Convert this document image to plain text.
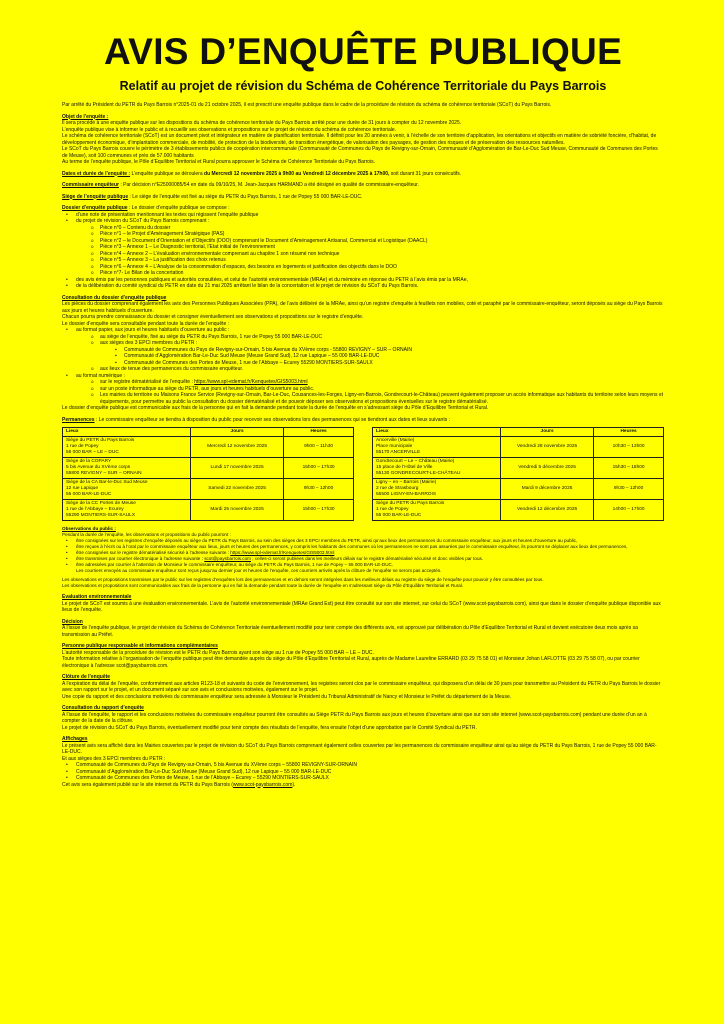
AVIS D’ENQUÊTE PUBLIQUE
Relatif au projet de révision du Schéma de Cohérence Territoriale du Pays Barrois

Par arrêté du Président du PETR du Pays Barrois n°2025-01 du 21 octobre 2025, il est prescrit une enquête publique dans le cadre de la procédure de révision du schéma de cohérence territoriale (SCoT) du Pays Barrois.

Objet de l’enquête :

Il sera procédé à une enquête publique sur les dispositions du schéma de cohérence territoriale du Pays Barrois arrêté pour une durée de 31 jours à compter du 12 novembre 2025.

L’enquête publique vise à informer le public et à recueillir ses observations et propositions sur le projet de révision du schéma de cohérence territoriale.

Le schéma de cohérence territoriale (SCoT) est un document pivot et intégrateur en matière de planification territoriale. Il définit pour les 20 années à venir, à l’échelle de son territoire d’application, les orientations et objectifs en matière de sobriété foncière, d’habitat, de développement économique, d’implantation commerciale, de mobilité, de protection de la biodiversité, de transition énergétique, de valorisation des paysages, de gestion des risques et de préservation des ressources naturelles.

Le SCoT du Pays Barrois couvre le périmètre de 3 établissements publics de coopération intercommunale (Communauté de Communes du Pays de Revigny-sur-Ornain, Communauté d’Agglomération de Bar-Le-Duc Sud Meuse, Communauté de Communes des Portes de Meuse), soit 100 communes et près de 57.000 habitants

Au terme de l’enquête publique, le Pôle d’Equilibre Territorial et Rural pourra approuver le Schéma de Cohérence Territoriale du Pays Barrois.

Dates et durée de l’enquête : L’enquête publique se déroulera du Mercredi 12 novembre 2025 à 9h00 au Vendredi 12 décembre 2025 à 17h00, soit durant 31 jours consécutifs.

Commissaire enquêteur : Par décision n°E25000085/54 en date du 09/10/25, M. Jean-Jacques HARMAND a été désigné en qualité de commissaire-enquêteur.

Siège de l’enquête publique : Le siège de l’enquête est fixé au siège du PETR du Pays Barrois, 1 rue de Popey 55 000 BAR-LE-DUC.

Dossier d’enquête publique : Le dossier d’enquête publique se compose :

• d’une note de présentation mentionnant les textes qui régissent l’enquête publique
• du projet de révision du SCoT du Pays Barrois comprenant :
o Pièce n°0 – Contenu du dossier
o Pièce n°1 – le Projet d’Aménagement Stratégique (PAS)
o Pièce n°2 – le Document d’Orientation et d’Objectifs (DOO) comprenant le Document d’Aménagement Artisanal, Commercial et Logistique (DAACL)
o Pièce n°3 – Annexe 1 – Le Diagnostic territorial, l’Etat initial de l’environnement
o Pièce n°4 – Annexe 2 – L’évaluation environnementale comprenant au chapitre 1 son résumé non technique
o Pièce n°5 – Annexe 3 – La justification des choix retenus
o Pièce n°6 – Annexe 4 – L’Analyse de la consommation d’espaces, des besoins en logements et justification des objectifs dans le DOO
o Pièce n°7- Le Bilan de la concertation
• des avis émis par les personnes publiques et autorités consultées, et celui de l’autorité environnementale (MRAe) et du mémoire en réponse du PETR à l’avis émis par la MRAe,
• de la délibération du comité syndical du PETR en date du 21 mai 2025 arrêtant le bilan de la concertation et le projet de révision du SCoT du Pays Barrois.

Consultation du dossier d’enquête publique

Les pièces du dossier comprenant également les avis des Personnes Publiques Associées (PPA), de l’avis délibéré de la MRAe, ainsi qu’un registre d’enquête à feuillets non mobiles, coté et paraphé par le commissaire-enquêteur, seront déposés au siège du Pays Barrois aux jours et heures habituels d’ouverture.

Chacun pourra prendre connaissance du dossier et consigner éventuellement ses observations et propositions sur le registre d’enquête.

Le dossier d’enquête sera consultable pendant toute la durée de l’enquête :

• au format papier, aux jours et heures habituels d’ouverture au public :
o au siège de l’enquête, fixé au siège du PETR du Pays Barrois, 1 rue de Popey 55 000 BAR-LE-DUC
o aux sièges des 3 EPCI membres du PETR :
▪ Communauté de Communes du Pays de Revigny-sur-Ornain, 5 bis Avenue du XVème corps - 55800 REVIGNY – SUR – ORNAIN
▪ Communauté d’Agglomération Bar-Le-Duc Sud Meuse (Meuse Grand Sud), 12 rue Lapique – 55 000 BAR-LE-DUC
▪ Communauté de Communes des Portes de Meuse, 1 rue de l’Abbaye – Ecurey 55290 MONTIERS-SUR-SAULX
o aux lieux de tenue des permanences du commissaire enquêteur.
• au format numérique :
o sur le registre dématérialisé de l’enquête : https://www.spl-edemat.fr/Kenquetes/GIS5003.html
o sur un poste informatique au siège du PETR, aux jours et heures habituels d’ouverture au public.
o Les mairies du territoire ou Maisons France Service (Revigny-sur-Ornain, Bar-Le-Duc, Cousances-les-Forges, Ligny-en-Barrois, Gondrecourt-le-Château) peuvent également proposer un accès informatique aux habitants du territoire selon leurs moyens et équipements, pour permettre au public la consultation du dossier dématérialisé et de pouvoir déposer ses observations et propositions éventuelles sur le registre dématérialisé.

Le dossier d’enquête publique est communicable aux frais de la personne qui en fait la demande pendant toute la durée de l’enquête en s’adressant siège du Pôle d’Equilibre Territorial et Rural.

Permanences : Le commissaire enquêteur se tiendra à disposition du public pour recevoir ses observations lors des permanences qui se tiendront aux dates et lieux suivants :

Lieux	Jours	Heures

Siège du PETR du Pays Barrois
1 rue de Popey
55 000 BAR – LE – DUC	Mercredi 12 novembre 2025	9h00 – 11h30

Siège de la COPARY
5 bis Avenue du XVème corps
55800 REVIGNY – SUR – ORNAIN	Lundi 17 novembre 2025	15h00 – 17h30

Siège de la CA Bar-le-Duc Sud Meuse
12 rue Lapique
55 000 BAR-LE-DUC	Samedi 22 novembre 2025	9h30 – 12h00

Siège de la CC Portes de Meuse
1 rue de l’Abbaye – Ecurey
55290 MONTIERS-SUR-SAULX	Mardi 25 novembre 2025	15h00 – 17h30
Lieux	Jours	Heures

Ancerville (Mairie)
Place municipale
55170 ANCERVILLE	Vendredi 28 novembre 2025	10h30 – 13h00

Gondrecourt – Le – Château (Mairie)
15 place de l’Hôtel de Ville
55130 GONDRECOURT-LE-CHÂTEAU	Vendredi 5 décembre 2025	15h30 – 18h00

Ligny – en – Barrois (Mairie)
2 rue de Strasbourg
55500 LIGNY-EN-BARROIS	Mardi 9 décembre 2025	9h30 – 12h00

Siège du PETR du Pays Barrois
1 rue de Popey
55 000 BAR-LE-DUC	Vendredi 12 décembre 2025	14h00 – 17h00

Observations du public :

Pendant la durée de l’enquête, les observations et propositions du public pourront :

• être consignées sur les registres d’enquête déposés au siège du PETR du Pays Barrois, au sein des sièges des 3 EPCI membres du PETR, ainsi qu’aux lieux des permanences du commissaire enquêteur, aux jours et heures d’ouverture au public,
• être reçues à l’écrit ou à l’oral par le commissaire enquêteur aux lieux, jours et heures des permanences, y compris les habitants des communes où les permanences ne sont pas assurées par le commissaire enquêteur, ils pourront se déplacer aux lieux des permanences,
• être consignées sur le registre dématérialisé sécurisé à l’adresse suivante : https://www.spl-edemat.fr/Kenquetes/GIS5003.html
• être transmises par courrier électronique à l’adresse suivante : scot@paysbarrois.com ; celles-ci seront publiées dans les meilleurs délais sur le registre dématérialisé sécurisé et donc visibles par tous.
• être adressées par courrier à l’attention de Monsieur le commissaire enquêteur, au siège du PETR du Pays Barrois, 1 rue de Popey – 55 000 BAR-LE-DUC.
Les courriers envoyés au commissaire enquêteur sont reçus jusqu’au dernier jour et heures de l’enquête, ces courriers arrivés après la clôture de l’enquête ne seront pas acceptés.

Les observations et propositions transmises par le public sur les registres d’enquêtes lors des permanences et en dehors seront intégrées dans les meilleurs délais au registre du siège de l’enquête pour pouvoir y être consultées par tous.

Les observations et propositions sont communicables aux frais de la personne qui en fait la demande pendant toute la durée de l’enquête en s’adressant siège du Pôle d’Equilibre Territorial et Rural.

Evaluation environnementale

Le projet de SCoT est soumis à une évaluation environnementale. L’avis de l’autorité environnementale (MRAe Grand Est) peut être consulté sur son site internet, sur celui du SCoT (www.scot-paysbarrois.com), ainsi que dans le dossier d’enquête publique disponible aux lieux de l’enquête.

Décision

A l’issue de l’enquête publique, le projet de révision du Schéma de Cohérence Territoriale éventuellement modifié pour tenir compte des différents avis, est approuvé par délibération du Pôle d’Equilibre Territorial et Rural et devient exécutoire deux mois après sa transmission au Préfet.

Personne publique responsable et informations complémentaires

L’autorité responsable de la procédure de révision est le PETR du Pays Barrois ayant son siège au 1 rue de Popey 55 000 BAR – LE – DUC.

Toute information relative à l’organisation de l’enquête publique peut être demandée auprès du siège du Pôle d’Equilibre Territorial et Rural, auprès de Madame Laureline ERRARD (03 29 75 58 01) et Monsieur Johan LAFLOTTE (03 29 75 58 07), ou par courrier électronique à l’adresse scot@paysbarrois.com.

Clôture de l’enquête

A l’expiration du délai de l’enquête, conformément aux articles R123-18 et suivants du code de l’environnement, les registres seront clos par le commissaire enquêteur, qui disposera d’un délai de 30 jours pour transmettre au Président du PETR du Pays Barrois le dossier avec son rapport sur le projet, et un document séparé sur son avis et conclusions motivées, également sur le projet.

Une copie du rapport et des conclusions motivées du commissaire enquêteur sera adressée à Monsieur le Président du Tribunal Administratif de Nancy et Monsieur le Préfet du département de la Meuse.

Consultation du rapport d’enquête

A l’issue de l’enquête, le rapport et les conclusions motivées du commissaire enquêteur pourront être consultés au Siège PETR du Pays Barrois aux jours et heures d’ouverture ainsi que sur son site internet (www.scot-paysbarrois.com) pendant une durée d’un an à compter de la date de la clôture.

Le projet de révision du SCoT du Pays Barrois, éventuellement modifié pour tenir compte des résultats de l’enquête, fera ensuite l’objet d’une approbation par le Comité Syndical du PETR.

Affichages

Le présent avis sera affiché dans les Mairies couvertes par le projet de révision du SCoT du Pays Barrois comprenant également celles couvertes par les permanences du commissaire enquêteur ainsi qu’au siège du PETR du Pays Barrois, 1 rue de Popey 55 000 BAR-LE-DUC.

Et aux sièges des 3 EPCI membres du PETR :

• Communauté de Communes du Pays de Revigny-sur-Ornain, 5 bis Avenue du XVème corps – 55800 REVIGNY-SUR-ORNAIN
• Communauté d’Agglomération Bar-Le-Duc Sud Meuse (Meuse Grand Sud), 12 rue Lapique – 55 000 BAR-LE-DUC
• Communauté de Communes des Portes de Meuse, 1 rue de l’Abbaye – Ecurey – 55290 MONTIERS-SUR-SAULX

Cet avis sera également publié sur le site internet du PETR du Pays Barrois (www.scot-paysbarrois.com).
